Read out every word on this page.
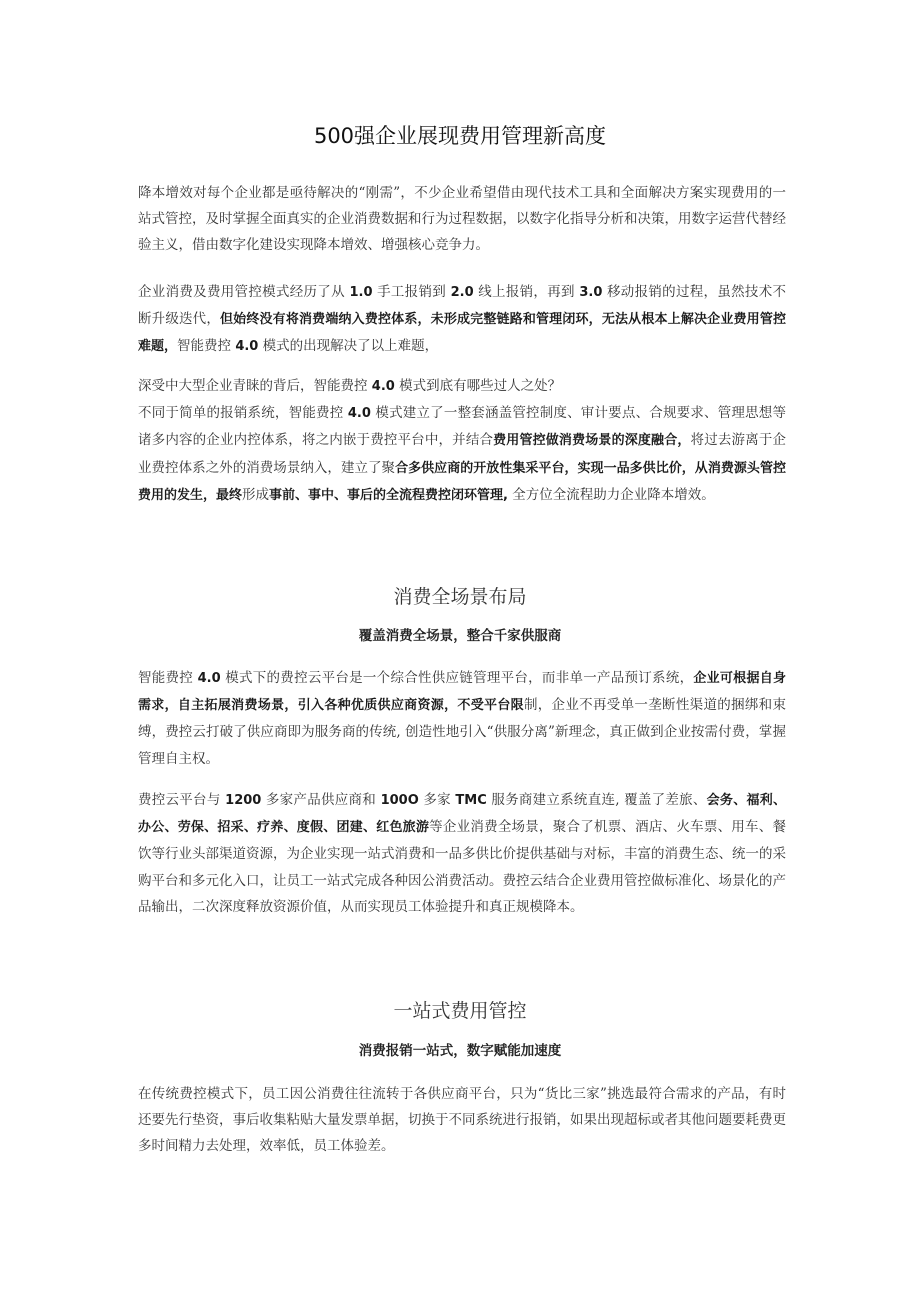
500强企业展现费用管理新高度
降本增效对每个企业都是亟待解决的“刚需”，不少企业希望借由现代技术工具和全面解决方案实现费用的一站式管控，及时掌握全面真实的企业消费数据和行为过程数据，以数字化指导分析和决策，用数字运营代替经验主义，借由数字化建设实现降本增效、增强核心竞争力。
企业消费及费用管控模式经历了从 1.0 手工报销到 2.0 线上报销，再到 3.0 移动报销的过程，虽然技术不断升级迭代，但始终没有将消费端纳入费控体系，未形成完整链路和管理闭环，无法从根本上解决企业费用管控难题，智能费控 4.0 模式的出现解决了以上难题，
深受中大型企业青睐的背后，智能费控 4.0 模式到底有哪些过人之处？
不同于简单的报销系统，智能费控 4.0 模式建立了一整套涵盖管控制度、审计要点、合规要求、管理思想等诸多内容的企业内控体系，将之内嵌于费控平台中，并结合费用管控做消费场景的深度融合，将过去游离于企业费控体系之外的消费场景纳入，建立了聚合多供应商的开放性集采平台，实现一品多供比价，从消费源头管控费用的发生，最终形成事前、事中、事后的全流程费控闭环管理, 全方位全流程助力企业降本增效。
消费全场景布局
覆盖消费全场景，整合千家供服商
智能费控 4.0 模式下的费控云平台是一个综合性供应链管理平台，而非单一产品预订系统，企业可根据自身需求，自主拓展消费场景，引入各种优质供应商资源，不受平台限制，企业不再受单一垄断性渠道的捆绑和束缚，费控云打破了供应商即为服务商的传统, 创造性地引入“供服分离”新理念，真正做到企业按需付费，掌握管理自主权。
费控云平台与 1200 多家产品供应商和 100O 多家 TMC 服务商建立系统直连, 覆盖了差旅、会务、福利、办公、劳保、招采、疗养、度假、团建、红色旅游等企业消费全场景，聚合了机票、酒店、火车票、用车、餐饮等行业头部渠道资源，为企业实现一站式消费和一品多供比价提供基础与对标，丰富的消费生态、统一的采购平台和多元化入口，让员工一站式完成各种因公消费活动。费控云结合企业费用管控做标准化、场景化的产品输出，二次深度释放资源价值，从而实现员工体验提升和真正规模降本。
一站式费用管控
消费报销一站式，数字赋能加速度
在传统费控模式下，员工因公消费往往流转于各供应商平台，只为“货比三家”挑选最符合需求的产品，有时还要先行垫资，事后收集粘贴大量发票单据，切换于不同系统进行报销，如果出现超标或者其他问题要耗费更多时间精力去处理，效率低，员工体验差。
